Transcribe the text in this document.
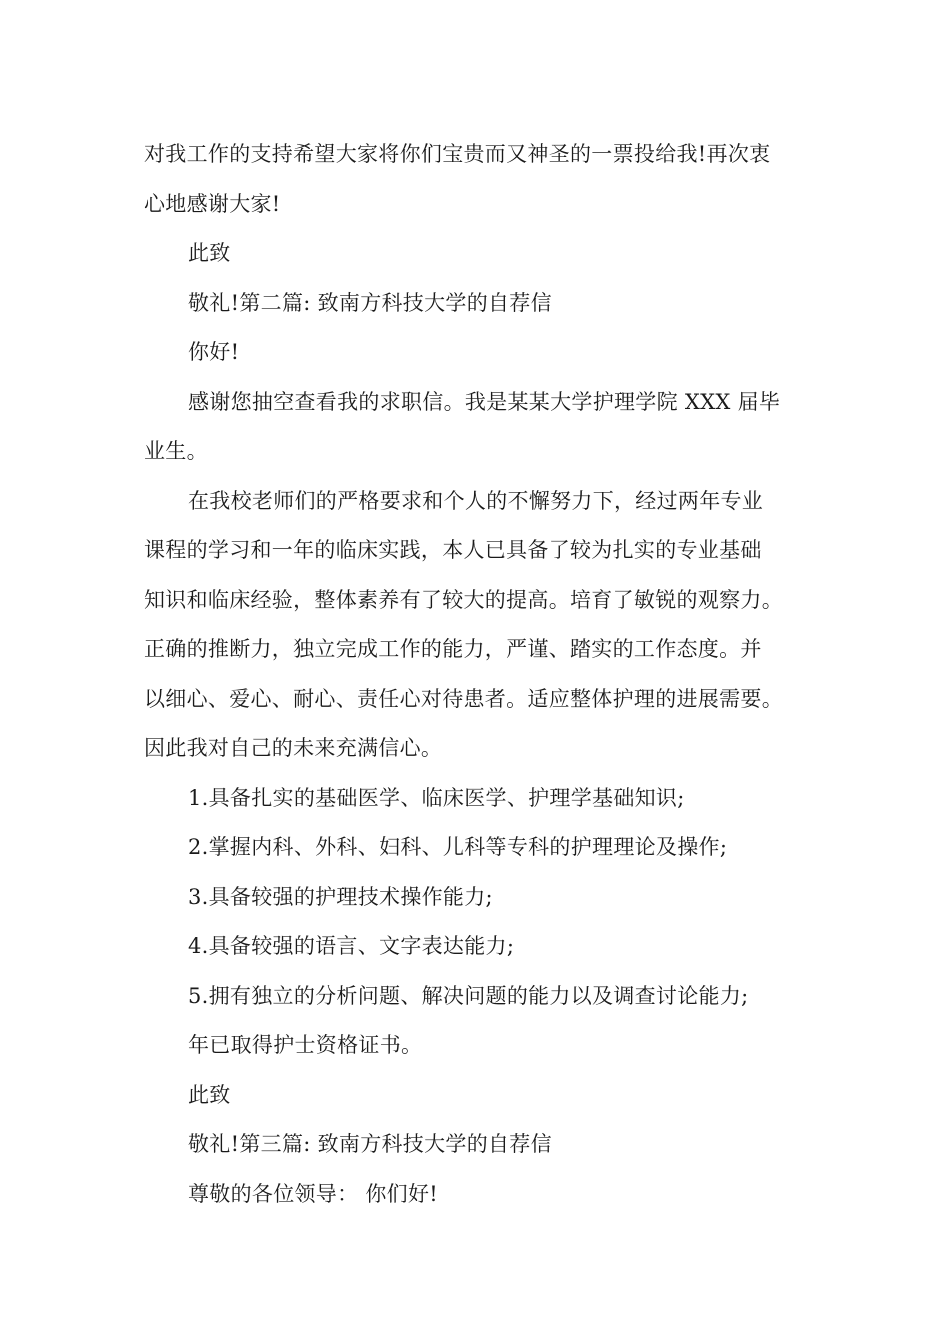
对我工作的支持希望大家将你们宝贵而又神圣的一票投给我!再次衷
心地感谢大家!
此致
敬礼!第二篇: 致南方科技大学的自荐信
你好!
感谢您抽空查看我的求职信。我是某某大学护理学院 XXX 届毕
业生。
在我校老师们的严格要求和个人的不懈努力下，经过两年专业
课程的学习和一年的临床实践，本人已具备了较为扎实的专业基础
知识和临床经验，整体素养有了较大的提高。培育了敏锐的观察力。
正确的推断力，独立完成工作的能力，严谨、踏实的工作态度。并
以细心、爱心、耐心、责任心对待患者。适应整体护理的进展需要。
因此我对自己的未来充满信心。
1.具备扎实的基础医学、临床医学、护理学基础知识;
2.掌握内科、外科、妇科、儿科等专科的护理理论及操作;
3.具备较强的护理技术操作能力;
4.具备较强的语言、文字表达能力;
5.拥有独立的分析问题、解决问题的能力以及调查讨论能力;
年已取得护士资格证书。
此致
敬礼!第三篇: 致南方科技大学的自荐信
尊敬的各位领导： 你们好!
